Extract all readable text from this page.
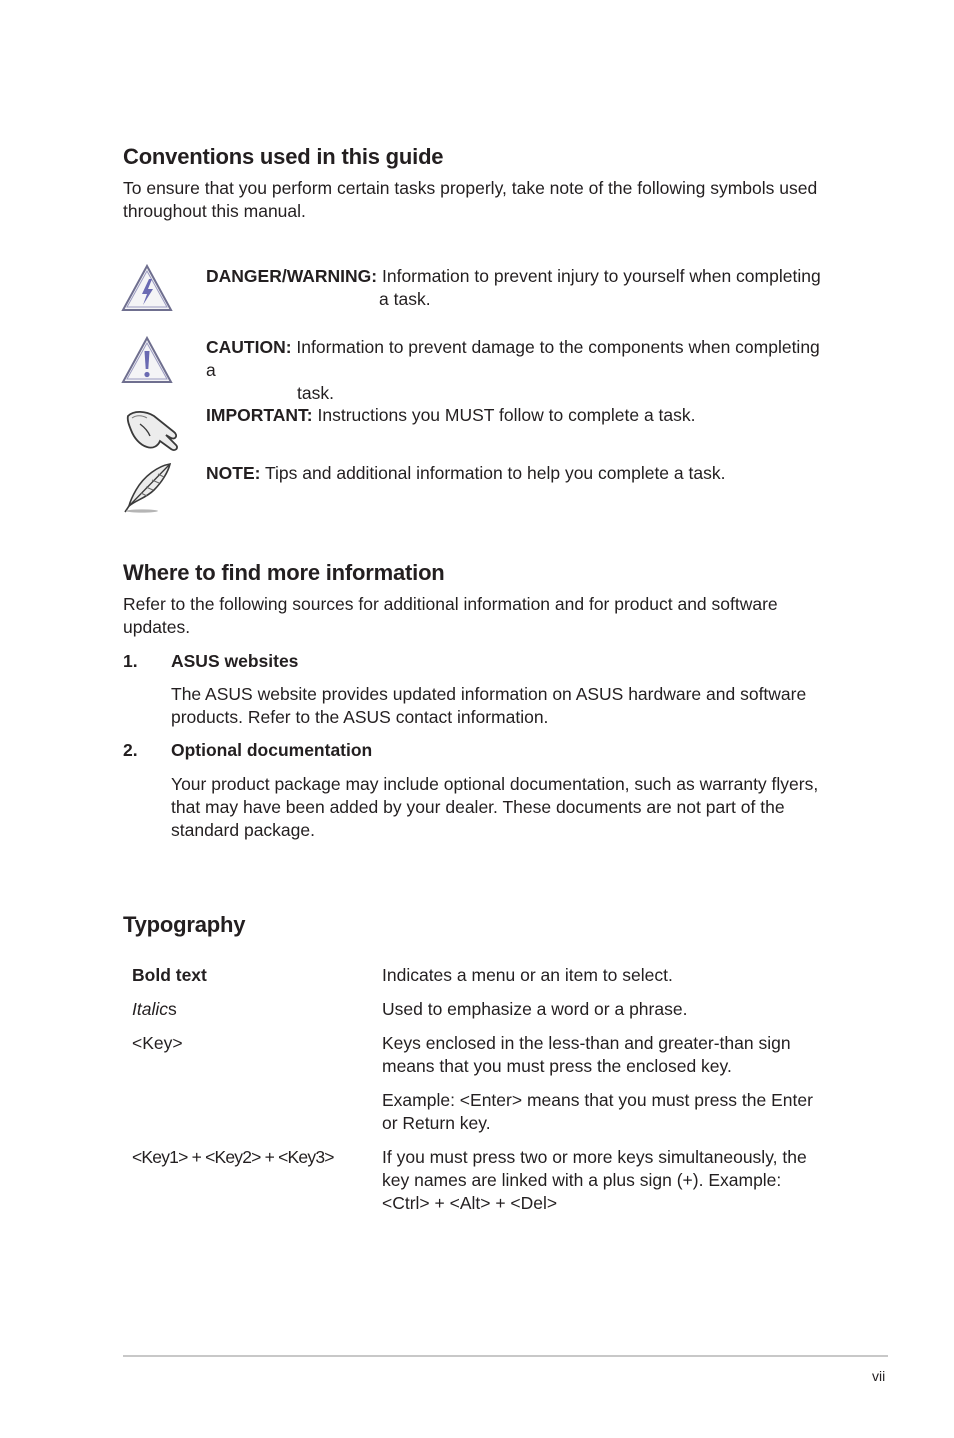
Conventions used in this guide

To ensure that you perform certain tasks properly, take note of the following symbols used throughout this manual.

DANGER/WARNING: Information to prevent injury to yourself when completing
a task.
CAUTION: Information to prevent damage to the components when completing a
task.
IMPORTANT: Instructions you MUST follow to complete a task.
NOTE: Tips and additional information to help you complete a task.
Where to find more information

Refer to the following sources for additional information and for product and software updates.

1. ASUS websites
The ASUS website provides updated information on ASUS hardware and software products. Refer to the ASUS contact information.
2. Optional documentation
Your product package may include optional documentation, such as warranty flyers, that may have been added by your dealer. These documents are not part of the standard package.
Typography
Bold text	Indicates a menu or an item to select.
Italics	Used to emphasize a word or a phrase.
<Key>	Keys enclosed in the less-than and greater-than sign means that you must press the enclosed key.
Example: <Enter> means that you must press the Enter or Return key.
<Key1> + <Key2> + <Key3>	If you must press two or more keys simultaneously, the key names are linked with a plus sign (+). Example: <Ctrl> + <Alt> + <Del>
vii
